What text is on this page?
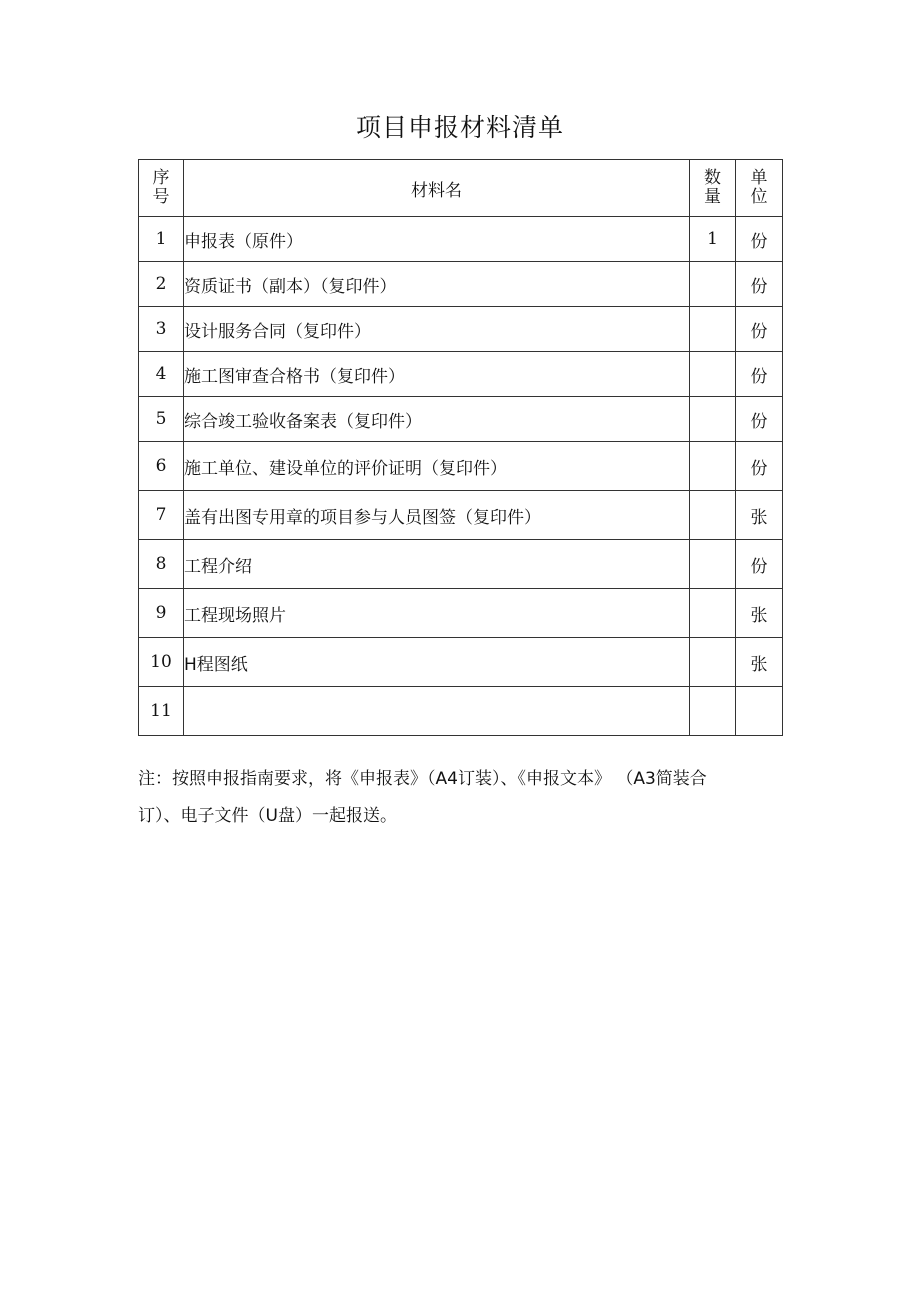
项目申报材料清单
序号	材料名	数量	单位
1	申报表（原件）	1	份
2	资质证书（副本）（复印件）		份
3	设计服务合同（复印件）		份
4	施工图审查合格书（复印件）		份
5	综合竣工验收备案表（复印件）		份
6	施工单位、建设单位的评价证明（复印件）		份
7	盖有出图专用章的项目参与人员图签（复印件）		张
8	工程介绍		份
9	工程现场照片		张
10	H程图纸		张
11			
注：按照申报指南要求，将《申报表》（A4订装）、《申报文本》 （A3简装合
订）、电子文件（U盘）一起报送。
